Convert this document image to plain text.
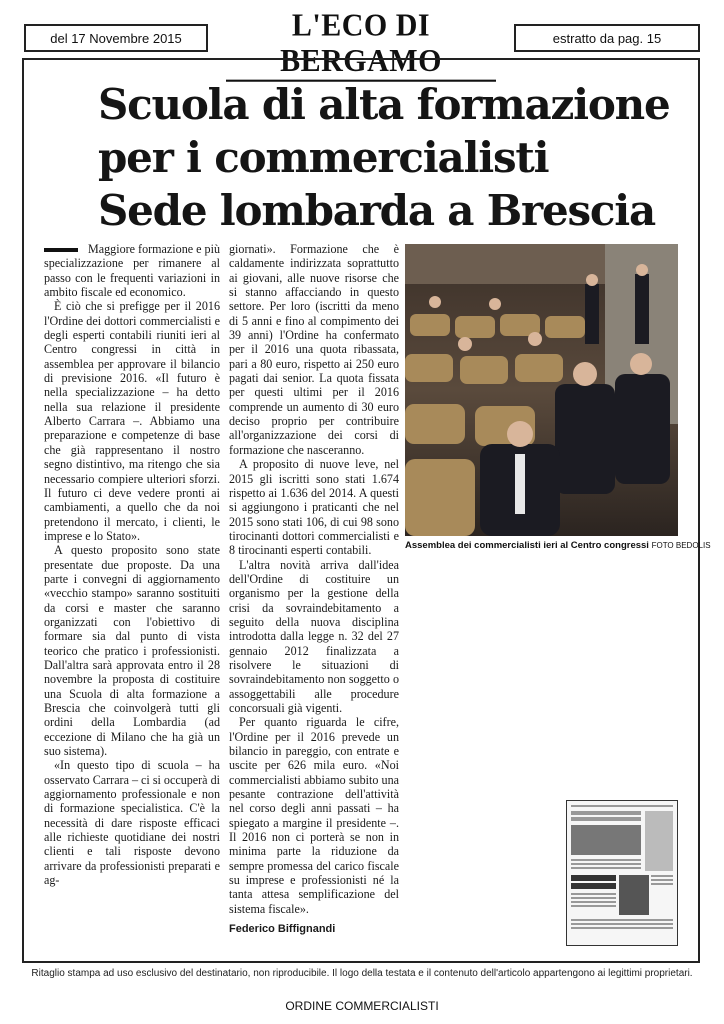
del 17 Novembre 2015	L'ECO DI BERGAMO
estratto da pag. 15
Scuola di alta formazione
per i commercialisti
Sede lombarda a Brescia

Maggiore formazione e più specializzazione per rimanere al passo con le frequenti variazioni in ambito fiscale ed economico.

È ciò che si prefigge per il 2016 l'Ordine dei dottori commercialisti e degli esperti contabili riuniti ieri al Centro congressi in città in assemblea per approvare il bilancio di previsione 2016. «Il futuro è nella specializzazione – ha detto nella sua relazione il presidente Alberto Carrara –. Abbiamo una preparazione e competenze di base che già rappresentano il nostro segno distintivo, ma ritengo che sia necessario compiere ulteriori sforzi. Il futuro ci deve vedere pronti ai cambiamenti, a quello che da noi pretendono il mercato, i clienti, le imprese e lo Stato».

A questo proposito sono state presentate due proposte. Da una parte i convegni di aggiornamento «vecchio stampo» saranno sostituiti da corsi e master che saranno organizzati con l'obiettivo di formare sia dal punto di vista teorico che pratico i professionisti. Dall'altra sarà approvata entro il 28 novembre la proposta di costituire una Scuola di alta formazione a Brescia che coinvolgerà tutti gli ordini della Lombardia (ad eccezione di Milano che ha già un suo sistema).

«In questo tipo di scuola – ha osservato Carrara – ci si occuperà di aggiornamento professionale e non di formazione specialistica. C'è la necessità di dare risposte efficaci alle richieste quotidiane dei nostri clienti e tali risposte devono arrivare da professionisti preparati e ag-

giornati». Formazione che è caldamente indirizzata soprattutto ai giovani, alle nuove risorse che si stanno affacciando in questo settore. Per loro (iscritti da meno di 5 anni e fino al compimento dei 39 anni) l'Ordine ha confermato per il 2016 una quota ribassata, pari a 80 euro, rispetto ai 250 euro pagati dai senior. La quota fissata per questi ultimi per il 2016 comprende un aumento di 30 euro deciso proprio per contribuire all'organizzazione dei corsi di formazione che nasceranno.

A proposito di nuove leve, nel 2015 gli iscritti sono stati 1.674 rispetto ai 1.636 del 2014. A questi si aggiungono i praticanti che nel 2015 sono stati 106, di cui 98 sono tirocinanti dottori commercialisti e 8 tirocinanti esperti contabili.

L'altra novità arriva dall'idea dell'Ordine di costituire un organismo per la gestione della crisi da sovraindebitamento a seguito della nuova disciplina introdotta dalla legge n. 32 del 27 gennaio 2012 finalizzata a risolvere le situazioni di sovraindebitamento non soggetto o assoggettabili alle procedure concorsuali già vigenti.

Per quanto riguarda le cifre, l'Ordine per il 2016 prevede un bilancio in pareggio, con entrate e uscite per 626 mila euro. «Noi commercialisti abbiamo subito una pesante contrazione dell'attività nel corso degli anni passati – ha spiegato a margine il presidente –. Il 2016 non ci porterà se non in minima parte la riduzione da sempre promessa del carico fiscale su imprese e professionisti né la tanta attesa semplificazione del sistema fiscale».

Federico Biffignandi

Assemblea dei commercialisti ieri al Centro congressi FOTO BEDOLIS
Ritaglio stampa ad uso esclusivo del destinatario, non riproducibile. Il logo della testata e il contenuto dell'articolo appartengono ai legittimi proprietari.
ORDINE COMMERCIALISTI
